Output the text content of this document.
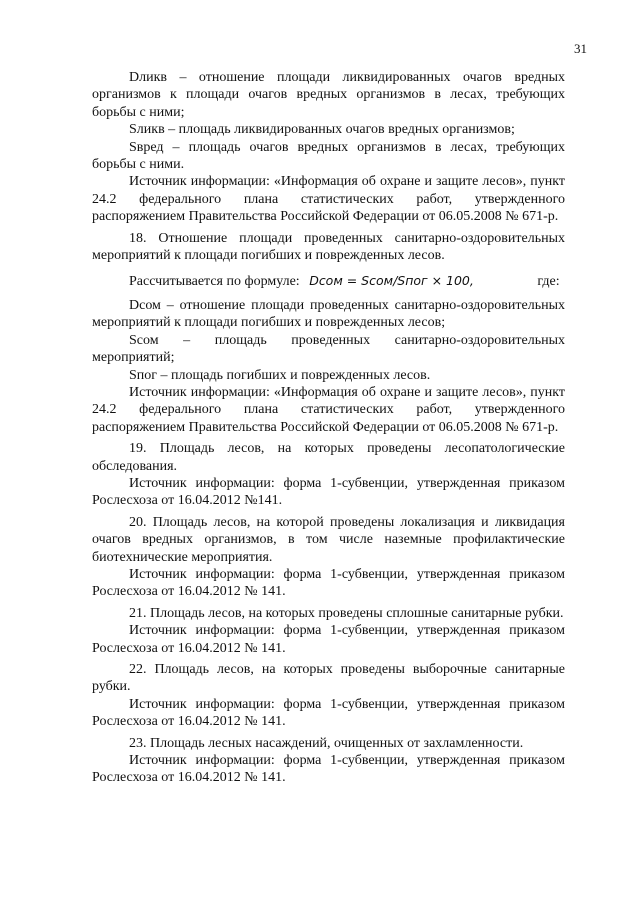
31

Dликв – отношение площади ликвидированных очагов вредных организмов к площади очагов вредных организмов в лесах, требующих борьбы с ними;

Sликв – площадь ликвидированных очагов вредных организмов;

Sвред – площадь очагов вредных организмов в лесах, требующих борьбы с ними.

Источник информации: «Информация об охране и защите лесов», пункт 24.2 федерального плана статистических работ, утвержденного распоряжением Правительства Российской Федерации от 06.05.2008 № 671-р.

18. Отношение площади проведенных санитарно-оздоровительных мероприятий к площади погибших и поврежденных лесов.

Рассчитывается по формуле: Dсом = Sсом/Sпог × 100,	где:

Dсом – отношение площади проведенных санитарно-оздоровительных мероприятий к площади погибших и поврежденных лесов;

Sсом – площадь проведенных санитарно-оздоровительных мероприятий;

Sпог – площадь погибших и поврежденных лесов.

Источник информации: «Информация об охране и защите лесов», пункт 24.2 федерального плана статистических работ, утвержденного распоряжением Правительства Российской Федерации от 06.05.2008 № 671-р.

19. Площадь лесов, на которых проведены лесопатологические обследования.

Источник информации: форма 1-субвенции, утвержденная приказом Рослесхоза от 16.04.2012 №141.

20. Площадь лесов, на которой проведены локализация и ликвидация очагов вредных организмов, в том числе наземные профилактические биотехнические мероприятия.

Источник информации: форма 1-субвенции, утвержденная приказом Рослесхоза от 16.04.2012 № 141.

21. Площадь лесов, на которых проведены сплошные санитарные рубки.

Источник информации: форма 1-субвенции, утвержденная приказом Рослесхоза от 16.04.2012 № 141.

22. Площадь лесов, на которых проведены выборочные санитарные рубки.

Источник информации: форма 1-субвенции, утвержденная приказом Рослесхоза от 16.04.2012 № 141.

23. Площадь лесных насаждений, очищенных от захламленности.

Источник информации: форма 1-субвенции, утвержденная приказом Рослесхоза от 16.04.2012 № 141.
